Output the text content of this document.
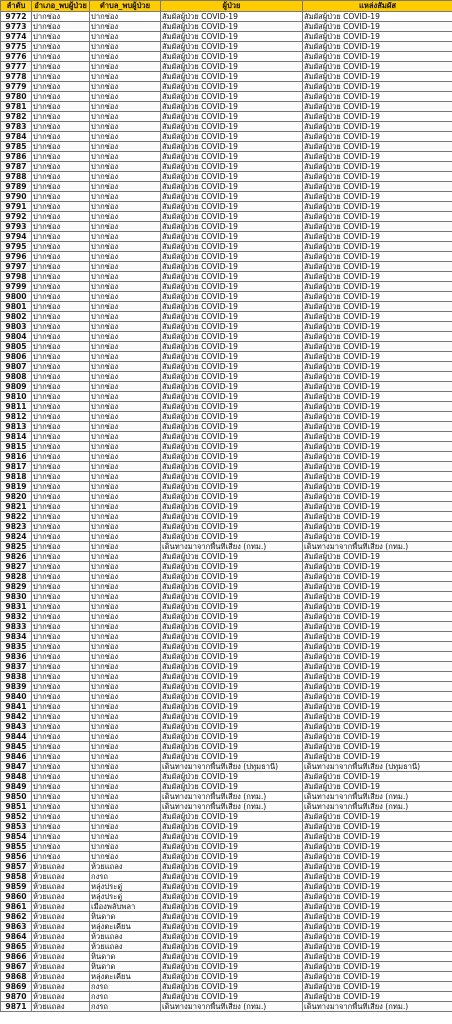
ลำดับ	อำเภอ_พบผู้ป่วย	ตำบล_พบผู้ป่วย	ผู้ป่วย	แหล่งสัมผัส
9772	ปากช่อง	ปากช่อง	สัมผัสผู้ป่วย COVID-19	สัมผัสผู้ป่วย COVID-19
9773	ปากช่อง	ปากช่อง	สัมผัสผู้ป่วย COVID-19	สัมผัสผู้ป่วย COVID-19
9774	ปากช่อง	ปากช่อง	สัมผัสผู้ป่วย COVID-19	สัมผัสผู้ป่วย COVID-19
9775	ปากช่อง	ปากช่อง	สัมผัสผู้ป่วย COVID-19	สัมผัสผู้ป่วย COVID-19
9776	ปากช่อง	ปากช่อง	สัมผัสผู้ป่วย COVID-19	สัมผัสผู้ป่วย COVID-19
9777	ปากช่อง	ปากช่อง	สัมผัสผู้ป่วย COVID-19	สัมผัสผู้ป่วย COVID-19
9778	ปากช่อง	ปากช่อง	สัมผัสผู้ป่วย COVID-19	สัมผัสผู้ป่วย COVID-19
9779	ปากช่อง	ปากช่อง	สัมผัสผู้ป่วย COVID-19	สัมผัสผู้ป่วย COVID-19
9780	ปากช่อง	ปากช่อง	สัมผัสผู้ป่วย COVID-19	สัมผัสผู้ป่วย COVID-19
9781	ปากช่อง	ปากช่อง	สัมผัสผู้ป่วย COVID-19	สัมผัสผู้ป่วย COVID-19
9782	ปากช่อง	ปากช่อง	สัมผัสผู้ป่วย COVID-19	สัมผัสผู้ป่วย COVID-19
9783	ปากช่อง	ปากช่อง	สัมผัสผู้ป่วย COVID-19	สัมผัสผู้ป่วย COVID-19
9784	ปากช่อง	ปากช่อง	สัมผัสผู้ป่วย COVID-19	สัมผัสผู้ป่วย COVID-19
9785	ปากช่อง	ปากช่อง	สัมผัสผู้ป่วย COVID-19	สัมผัสผู้ป่วย COVID-19
9786	ปากช่อง	ปากช่อง	สัมผัสผู้ป่วย COVID-19	สัมผัสผู้ป่วย COVID-19
9787	ปากช่อง	ปากช่อง	สัมผัสผู้ป่วย COVID-19	สัมผัสผู้ป่วย COVID-19
9788	ปากช่อง	ปากช่อง	สัมผัสผู้ป่วย COVID-19	สัมผัสผู้ป่วย COVID-19
9789	ปากช่อง	ปากช่อง	สัมผัสผู้ป่วย COVID-19	สัมผัสผู้ป่วย COVID-19
9790	ปากช่อง	ปากช่อง	สัมผัสผู้ป่วย COVID-19	สัมผัสผู้ป่วย COVID-19
9791	ปากช่อง	ปากช่อง	สัมผัสผู้ป่วย COVID-19	สัมผัสผู้ป่วย COVID-19
9792	ปากช่อง	ปากช่อง	สัมผัสผู้ป่วย COVID-19	สัมผัสผู้ป่วย COVID-19
9793	ปากช่อง	ปากช่อง	สัมผัสผู้ป่วย COVID-19	สัมผัสผู้ป่วย COVID-19
9794	ปากช่อง	ปากช่อง	สัมผัสผู้ป่วย COVID-19	สัมผัสผู้ป่วย COVID-19
9795	ปากช่อง	ปากช่อง	สัมผัสผู้ป่วย COVID-19	สัมผัสผู้ป่วย COVID-19
9796	ปากช่อง	ปากช่อง	สัมผัสผู้ป่วย COVID-19	สัมผัสผู้ป่วย COVID-19
9797	ปากช่อง	ปากช่อง	สัมผัสผู้ป่วย COVID-19	สัมผัสผู้ป่วย COVID-19
9798	ปากช่อง	ปากช่อง	สัมผัสผู้ป่วย COVID-19	สัมผัสผู้ป่วย COVID-19
9799	ปากช่อง	ปากช่อง	สัมผัสผู้ป่วย COVID-19	สัมผัสผู้ป่วย COVID-19
9800	ปากช่อง	ปากช่อง	สัมผัสผู้ป่วย COVID-19	สัมผัสผู้ป่วย COVID-19
9801	ปากช่อง	ปากช่อง	สัมผัสผู้ป่วย COVID-19	สัมผัสผู้ป่วย COVID-19
9802	ปากช่อง	ปากช่อง	สัมผัสผู้ป่วย COVID-19	สัมผัสผู้ป่วย COVID-19
9803	ปากช่อง	ปากช่อง	สัมผัสผู้ป่วย COVID-19	สัมผัสผู้ป่วย COVID-19
9804	ปากช่อง	ปากช่อง	สัมผัสผู้ป่วย COVID-19	สัมผัสผู้ป่วย COVID-19
9805	ปากช่อง	ปากช่อง	สัมผัสผู้ป่วย COVID-19	สัมผัสผู้ป่วย COVID-19
9806	ปากช่อง	ปากช่อง	สัมผัสผู้ป่วย COVID-19	สัมผัสผู้ป่วย COVID-19
9807	ปากช่อง	ปากช่อง	สัมผัสผู้ป่วย COVID-19	สัมผัสผู้ป่วย COVID-19
9808	ปากช่อง	ปากช่อง	สัมผัสผู้ป่วย COVID-19	สัมผัสผู้ป่วย COVID-19
9809	ปากช่อง	ปากช่อง	สัมผัสผู้ป่วย COVID-19	สัมผัสผู้ป่วย COVID-19
9810	ปากช่อง	ปากช่อง	สัมผัสผู้ป่วย COVID-19	สัมผัสผู้ป่วย COVID-19
9811	ปากช่อง	ปากช่อง	สัมผัสผู้ป่วย COVID-19	สัมผัสผู้ป่วย COVID-19
9812	ปากช่อง	ปากช่อง	สัมผัสผู้ป่วย COVID-19	สัมผัสผู้ป่วย COVID-19
9813	ปากช่อง	ปากช่อง	สัมผัสผู้ป่วย COVID-19	สัมผัสผู้ป่วย COVID-19
9814	ปากช่อง	ปากช่อง	สัมผัสผู้ป่วย COVID-19	สัมผัสผู้ป่วย COVID-19
9815	ปากช่อง	ปากช่อง	สัมผัสผู้ป่วย COVID-19	สัมผัสผู้ป่วย COVID-19
9816	ปากช่อง	ปากช่อง	สัมผัสผู้ป่วย COVID-19	สัมผัสผู้ป่วย COVID-19
9817	ปากช่อง	ปากช่อง	สัมผัสผู้ป่วย COVID-19	สัมผัสผู้ป่วย COVID-19
9818	ปากช่อง	ปากช่อง	สัมผัสผู้ป่วย COVID-19	สัมผัสผู้ป่วย COVID-19
9819	ปากช่อง	ปากช่อง	สัมผัสผู้ป่วย COVID-19	สัมผัสผู้ป่วย COVID-19
9820	ปากช่อง	ปากช่อง	สัมผัสผู้ป่วย COVID-19	สัมผัสผู้ป่วย COVID-19
9821	ปากช่อง	ปากช่อง	สัมผัสผู้ป่วย COVID-19	สัมผัสผู้ป่วย COVID-19
9822	ปากช่อง	ปากช่อง	สัมผัสผู้ป่วย COVID-19	สัมผัสผู้ป่วย COVID-19
9823	ปากช่อง	ปากช่อง	สัมผัสผู้ป่วย COVID-19	สัมผัสผู้ป่วย COVID-19
9824	ปากช่อง	ปากช่อง	สัมผัสผู้ป่วย COVID-19	สัมผัสผู้ป่วย COVID-19
9825	ปากช่อง	ปากช่อง	เดินทางมาจากพื้นที่เสี่ยง (กทม.)	เดินทางมาจากพื้นที่เสี่ยง (กทม.)
9826	ปากช่อง	ปากช่อง	สัมผัสผู้ป่วย COVID-19	สัมผัสผู้ป่วย COVID-19
9827	ปากช่อง	ปากช่อง	สัมผัสผู้ป่วย COVID-19	สัมผัสผู้ป่วย COVID-19
9828	ปากช่อง	ปากช่อง	สัมผัสผู้ป่วย COVID-19	สัมผัสผู้ป่วย COVID-19
9829	ปากช่อง	ปากช่อง	สัมผัสผู้ป่วย COVID-19	สัมผัสผู้ป่วย COVID-19
9830	ปากช่อง	ปากช่อง	สัมผัสผู้ป่วย COVID-19	สัมผัสผู้ป่วย COVID-19
9831	ปากช่อง	ปากช่อง	สัมผัสผู้ป่วย COVID-19	สัมผัสผู้ป่วย COVID-19
9832	ปากช่อง	ปากช่อง	สัมผัสผู้ป่วย COVID-19	สัมผัสผู้ป่วย COVID-19
9833	ปากช่อง	ปากช่อง	สัมผัสผู้ป่วย COVID-19	สัมผัสผู้ป่วย COVID-19
9834	ปากช่อง	ปากช่อง	สัมผัสผู้ป่วย COVID-19	สัมผัสผู้ป่วย COVID-19
9835	ปากช่อง	ปากช่อง	สัมผัสผู้ป่วย COVID-19	สัมผัสผู้ป่วย COVID-19
9836	ปากช่อง	ปากช่อง	สัมผัสผู้ป่วย COVID-19	สัมผัสผู้ป่วย COVID-19
9837	ปากช่อง	ปากช่อง	สัมผัสผู้ป่วย COVID-19	สัมผัสผู้ป่วย COVID-19
9838	ปากช่อง	ปากช่อง	สัมผัสผู้ป่วย COVID-19	สัมผัสผู้ป่วย COVID-19
9839	ปากช่อง	ปากช่อง	สัมผัสผู้ป่วย COVID-19	สัมผัสผู้ป่วย COVID-19
9840	ปากช่อง	ปากช่อง	สัมผัสผู้ป่วย COVID-19	สัมผัสผู้ป่วย COVID-19
9841	ปากช่อง	ปากช่อง	สัมผัสผู้ป่วย COVID-19	สัมผัสผู้ป่วย COVID-19
9842	ปากช่อง	ปากช่อง	สัมผัสผู้ป่วย COVID-19	สัมผัสผู้ป่วย COVID-19
9843	ปากช่อง	ปากช่อง	สัมผัสผู้ป่วย COVID-19	สัมผัสผู้ป่วย COVID-19
9844	ปากช่อง	ปากช่อง	สัมผัสผู้ป่วย COVID-19	สัมผัสผู้ป่วย COVID-19
9845	ปากช่อง	ปากช่อง	สัมผัสผู้ป่วย COVID-19	สัมผัสผู้ป่วย COVID-19
9846	ปากช่อง	ปากช่อง	สัมผัสผู้ป่วย COVID-19	สัมผัสผู้ป่วย COVID-19
9847	ปากช่อง	ปากช่อง	เดินทางมาจากพื้นที่เสี่ยง (ปทุมธานี)	เดินทางมาจากพื้นที่เสี่ยง (ปทุมธานี)
9848	ปากช่อง	ปากช่อง	สัมผัสผู้ป่วย COVID-19	สัมผัสผู้ป่วย COVID-19
9849	ปากช่อง	ปากช่อง	สัมผัสผู้ป่วย COVID-19	สัมผัสผู้ป่วย COVID-19
9850	ปากช่อง	ปากช่อง	เดินทางมาจากพื้นที่เสี่ยง (กทม.)	เดินทางมาจากพื้นที่เสี่ยง (กทม.)
9851	ปากช่อง	ปากช่อง	เดินทางมาจากพื้นที่เสี่ยง (กทม.)	เดินทางมาจากพื้นที่เสี่ยง (กทม.)
9852	ปากช่อง	ปากช่อง	สัมผัสผู้ป่วย COVID-19	สัมผัสผู้ป่วย COVID-19
9853	ปากช่อง	ปากช่อง	สัมผัสผู้ป่วย COVID-19	สัมผัสผู้ป่วย COVID-19
9854	ปากช่อง	ปากช่อง	สัมผัสผู้ป่วย COVID-19	สัมผัสผู้ป่วย COVID-19
9855	ปากช่อง	ปากช่อง	สัมผัสผู้ป่วย COVID-19	สัมผัสผู้ป่วย COVID-19
9856	ปากช่อง	ปากช่อง	สัมผัสผู้ป่วย COVID-19	สัมผัสผู้ป่วย COVID-19
9857	ห้วยแถลง	ห้วยแถลง	สัมผัสผู้ป่วย COVID-19	สัมผัสผู้ป่วย COVID-19
9858	ห้วยแถลง	กงรถ	สัมผัสผู้ป่วย COVID-19	สัมผัสผู้ป่วย COVID-19
9859	ห้วยแถลง	หลุ่งประดู่	สัมผัสผู้ป่วย COVID-19	สัมผัสผู้ป่วย COVID-19
9860	ห้วยแถลง	หลุ่งประดู่	สัมผัสผู้ป่วย COVID-19	สัมผัสผู้ป่วย COVID-19
9861	ห้วยแถลง	เมืองพลับพลา	สัมผัสผู้ป่วย COVID-19	สัมผัสผู้ป่วย COVID-19
9862	ห้วยแถลง	หินดาด	สัมผัสผู้ป่วย COVID-19	สัมผัสผู้ป่วย COVID-19
9863	ห้วยแถลง	หลุ่งตะเคียน	สัมผัสผู้ป่วย COVID-19	สัมผัสผู้ป่วย COVID-19
9864	ห้วยแถลง	ห้วยแถลง	สัมผัสผู้ป่วย COVID-19	สัมผัสผู้ป่วย COVID-19
9865	ห้วยแถลง	ห้วยแถลง	สัมผัสผู้ป่วย COVID-19	สัมผัสผู้ป่วย COVID-19
9866	ห้วยแถลง	หินดาด	สัมผัสผู้ป่วย COVID-19	สัมผัสผู้ป่วย COVID-19
9867	ห้วยแถลง	หินดาด	สัมผัสผู้ป่วย COVID-19	สัมผัสผู้ป่วย COVID-19
9868	ห้วยแถลง	หลุ่งตะเคียน	สัมผัสผู้ป่วย COVID-19	สัมผัสผู้ป่วย COVID-19
9869	ห้วยแถลง	กงรถ	สัมผัสผู้ป่วย COVID-19	สัมผัสผู้ป่วย COVID-19
9870	ห้วยแถลง	กงรถ	สัมผัสผู้ป่วย COVID-19	สัมผัสผู้ป่วย COVID-19
9871	ห้วยแถลง	กงรถ	เดินทางมาจากพื้นที่เสี่ยง (กทม.)	เดินทางมาจากพื้นที่เสี่ยง (กทม.)
